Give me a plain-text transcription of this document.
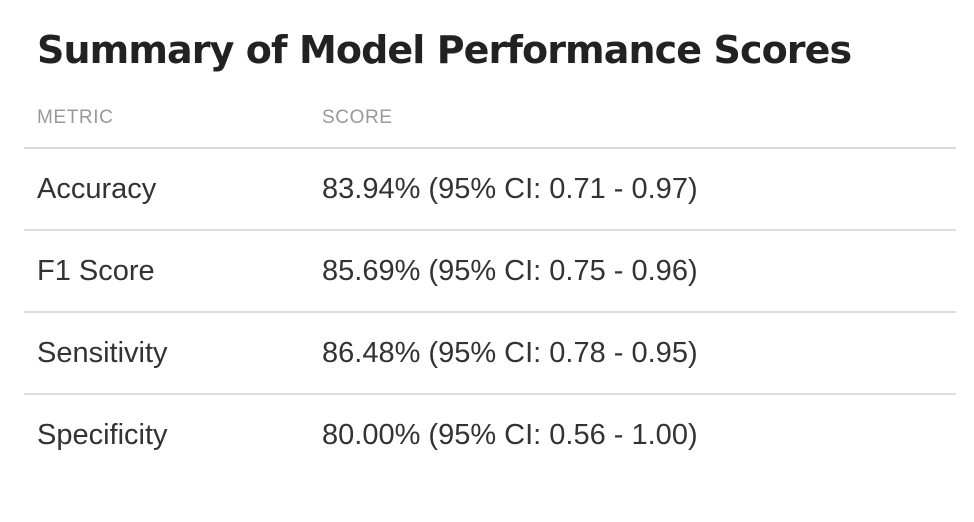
Summary of Model Performance Scores
METRIC	SCORE
Accuracy	83.94% (95% CI: 0.71 - 0.97)
F1 Score	85.69% (95% CI: 0.75 - 0.96)
Sensitivity	86.48% (95% CI: 0.78 - 0.95)
Specificity	80.00% (95% CI: 0.56 - 1.00)
